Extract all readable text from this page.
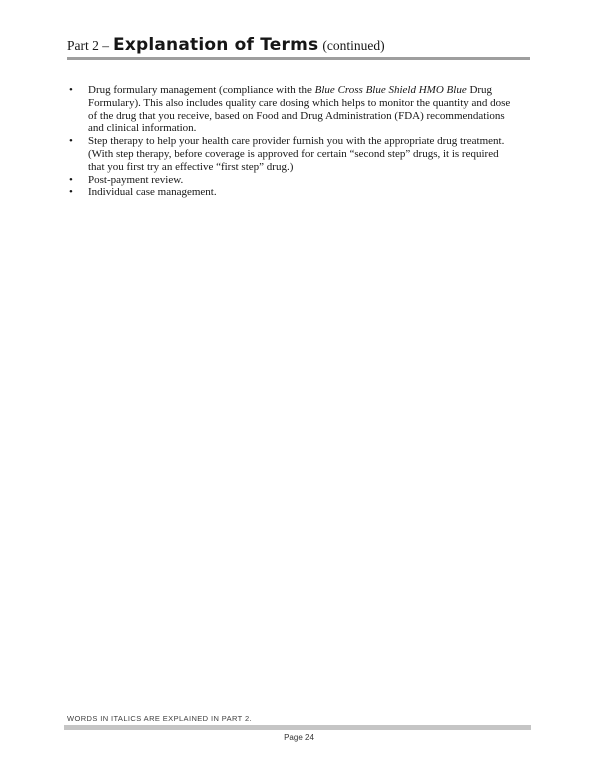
Part 2 – Explanation of Terms (continued)
• Drug formulary management (compliance with the Blue Cross Blue Shield HMO Blue Drug Formulary). This also includes quality care dosing which helps to monitor the quantity and dose of the drug that you receive, based on Food and Drug Administration (FDA) recommendations and clinical information.
• Step therapy to help your health care provider furnish you with the appropriate drug treatment. (With step therapy, before coverage is approved for certain “second step” drugs, it is required that you first try an effective “first step” drug.)
• Post-payment review.
• Individual case management.
WORDS IN ITALICS ARE EXPLAINED IN PART 2.
Page 24
